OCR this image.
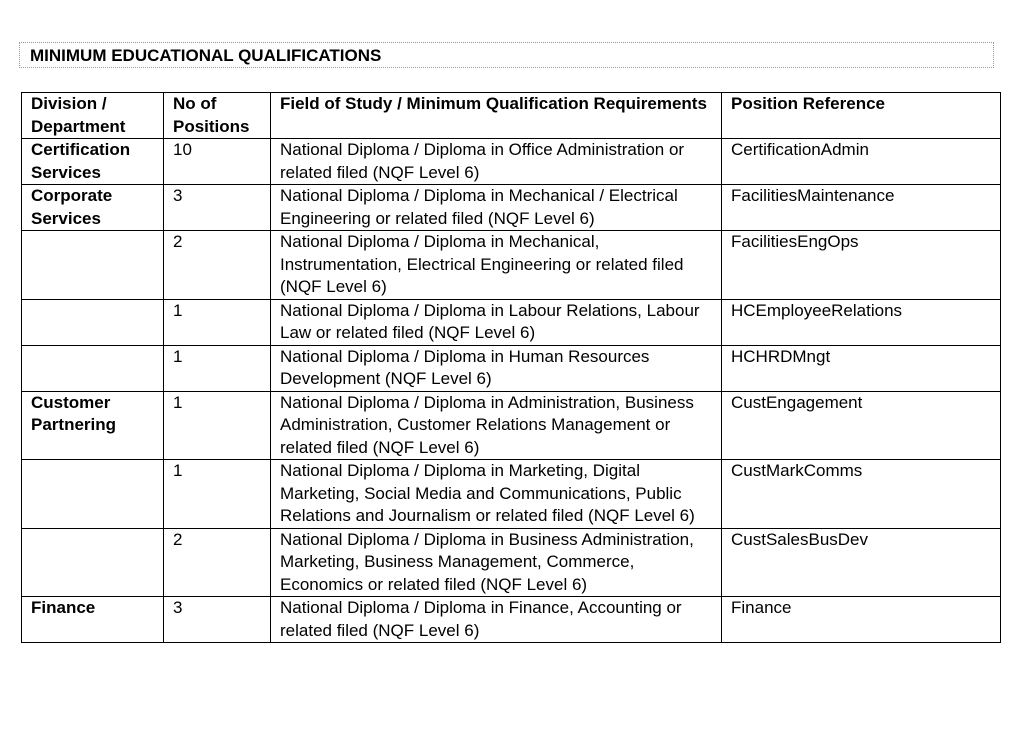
MINIMUM EDUCATIONAL QUALIFICATIONS
Division / Department	No of Positions	Field of Study / Minimum Qualification Requirements	Position Reference
Certification Services	10	National Diploma / Diploma in Office Administration or related filed (NQF Level 6)	CertificationAdmin
Corporate Services	3	National Diploma / Diploma in Mechanical / Electrical Engineering or related filed (NQF Level 6)	FacilitiesMaintenance
	2	National Diploma / Diploma in Mechanical, Instrumentation, Electrical Engineering or related filed (NQF Level 6)	FacilitiesEngOps
	1	National Diploma / Diploma in Labour Relations, Labour Law or related filed (NQF Level 6)	HCEmployeeRelations
	1	National Diploma / Diploma in Human Resources Development (NQF Level 6)	HCHRDMngt
Customer Partnering	1	National Diploma / Diploma in Administration, Business Administration, Customer Relations Management or related filed (NQF Level 6)	CustEngagement
	1	National Diploma / Diploma in Marketing, Digital Marketing, Social Media and Communications, Public Relations and Journalism or related filed (NQF Level 6)	CustMarkComms
	2	National Diploma / Diploma in Business Administration, Marketing, Business Management, Commerce, Economics or related filed (NQF Level 6)	CustSalesBusDev
Finance	3	National Diploma / Diploma in Finance, Accounting or related filed (NQF Level 6)	Finance
